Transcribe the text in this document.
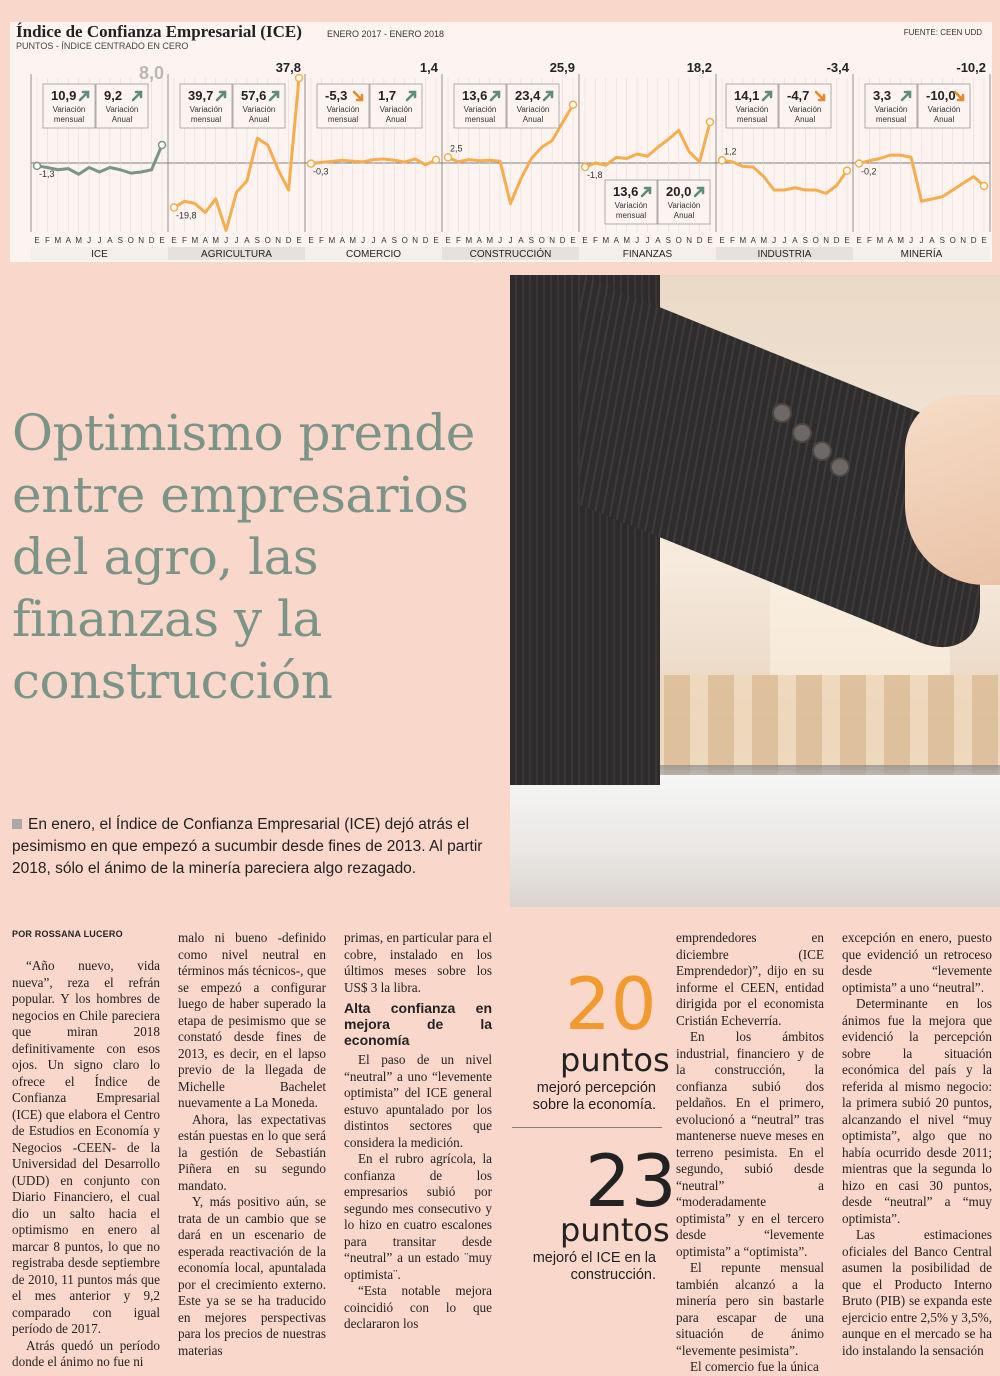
Índice de Confianza Empresarial (ICE)	ENERO 2017 - ENERO 2018
PUNTOS - ÍNDICE CENTRADO EN CERO
FUENTE: CEEN UDD
E F M A M J J A S O N D E
ICE
-1,3
8,0
10,9
Variación
mensual
9,2
Variación
Anual
E F M A M J J A S O N D E
AGRICULTURA
-19,8
37,8
39,7
Variación
mensual
57,6
Variación
Anual
E F M A M J J A S O N D E
COMERCIO
-0,3
1,4
-5,3
Variación
mensual
1,7
Variación
Anual
E F M A M J J A S O N D E
CONSTRUCCIÓN
2,5
25,9
13,6
Variación
mensual
23,4
Variación
Anual
E F M A M J J A S O N D E
FINANZAS
-1,8
18,2
13,6
Variación
mensual
20,0
Variación
Anual
E F M A M J J A S O N D E
INDUSTRIA
1,2
-3,4
14,1
Variación
mensual
-4,7
Variación
Anual
E F M A M J J A S O N D E
MINERÍA
-0,2
-10,2
3,3
Variación
mensual
-10,0
Variación
Anual
Optimismo prende entre empresarios del agro, las finanzas y la construcción

En enero, el Índice de Confianza Empresarial (ICE) dejó atrás el pesimismo en que empezó a sucumbir desde fines de 2013. Al partir 2018, sólo el ánimo de la minería pareciera algo rezagado.

POR ROSSANA LUCERO

“Año nuevo, vida nueva”, reza el refrán popular. Y los hombres de negocios en Chile pareciera que miran 2018 definitivamente con esos ojos. Un signo claro lo ofrece el Índice de Confianza Empresarial (ICE) que elabora el Centro de Estudios en Economía y Negocios -CEEN- de la Universidad del Desarrollo (UDD) en conjunto con Diario Financiero, el cual dio un salto hacia el optimismo en enero al marcar 8 puntos, lo que no registraba desde septiembre de 2010, 11 puntos más que el mes anterior y 9,2 comparado con igual período de 2017.

Atrás quedó un período donde el ánimo no fue ni

malo ni bueno -definido como nivel neutral en términos más técnicos-, que se empezó a configurar luego de haber superado la etapa de pesimismo que se constató desde fines de 2013, es decir, en el lapso previo de la llegada de Michelle Bachelet nuevamente a La Moneda.

Ahora, las expectativas están puestas en lo que será la gestión de Sebastián Piñera en su segundo mandato.

Y, más positivo aún, se trata de un cambio que se dará en un escenario de esperada reactivación de la economía local, apuntalada por el crecimiento externo. Este ya se se ha traducido en mejores perspectivas para los precios de nuestras materias

primas, en particular para el cobre, instalado en los últimos meses sobre los US$ 3 la libra.

Alta confianza en mejora de la economía

El paso de un nivel “neutral” a uno “levemente optimista” del ICE general estuvo apuntalado por los distintos sectores que considera la medición.

En el rubro agrícola, la confianza de los empresarios subió por segundo mes consecutivo y lo hizo en cuatro escalones para transitar desde “neutral” a un estado ¨muy optimista¨.

“Esta notable mejora coincidió con lo que declararon los

20
puntos
mejoró percepción sobre la economía.
23
puntos
mejoró el ICE en la construcción.

emprendedores en diciembre (ICE Emprendedor)”, dijo en su informe el CEEN, entidad dirigida por el economista Cristián Echeverría.

En los ámbitos industrial, financiero y de la construcción, la confianza subió dos peldaños. En el primero, evolucionó a “neutral” tras mantenerse nueve meses en terreno pesimista. En el segundo, subió desde “neutral” a “moderadamente optimista” y en el tercero desde “levemente optimista” a “optimista”.

El repunte mensual también alcanzó a la minería pero sin bastarle para escapar de una situación de ánimo “levemente pesimista”.

El comercio fue la única

excepción en enero, puesto que evidenció un retroceso desde “levemente optimista” a uno “neutral”.

Determinante en los ánimos fue la mejora que evidenció la percepción sobre la situación económica del país y la referida al mismo negocio: la primera subió 20 puntos, alcanzando el nivel “muy optimista”, algo que no había ocurrido desde 2011; mientras que la segunda lo hizo en casi 30 puntos, desde “neutral” a “muy optimista”.

Las estimaciones oficiales del Banco Central asumen la posibilidad de que el Producto Interno Bruto (PIB) se expanda este ejercicio entre 2,5% y 3,5%, aunque en el mercado se ha ido instalando la sensación
